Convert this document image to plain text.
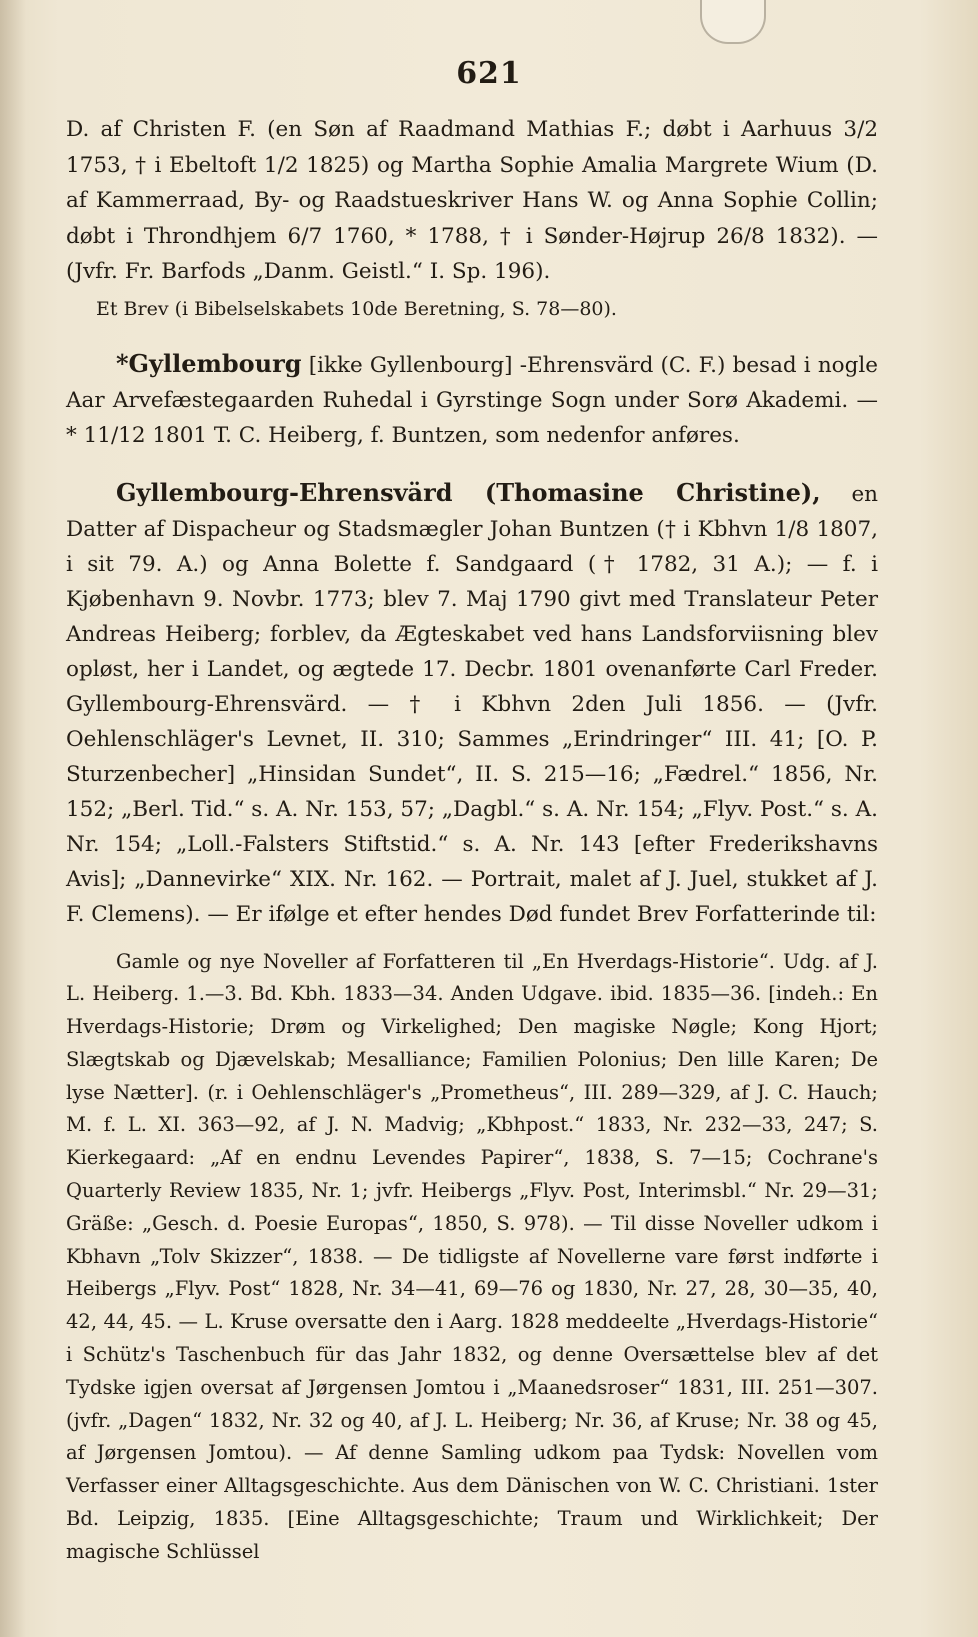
621

D. af Christen F. (en Søn af Raadmand Mathias F.; døbt i Aarhuus 3/2 1753, † i Ebeltoft 1/2 1825) og Martha Sophie Amalia Margrete Wium (D. af Kammerraad, By- og Raadstueskriver Hans W. og Anna Sophie Collin; døbt i Throndhjem 6/7 1760, * 1788, † i Sønder-Højrup 26/8 1832). — (Jvfr. Fr. Barfods „Danm. Geistl.“ I. Sp. 196).

Et Brev (i Bibelselskabets 10de Beretning, S. 78—80).

*Gyllembourg [ikke Gyllenbourg] -Ehrensvärd (C. F.) besad i nogle Aar Arvefæstegaarden Ruhedal i Gyrstinge Sogn under Sorø Akademi. — * 11/12 1801 T. C. Heiberg, f. Buntzen, som nedenfor anføres.

Gyllembourg-Ehrensvärd (Thomasine Christine), en Datter af Dispacheur og Stadsmægler Johan Buntzen († i Kbhvn 1/8 1807, i sit 79. A.) og Anna Bolette f. Sandgaard († 1782, 31 A.); — f. i Kjøbenhavn 9. Novbr. 1773; blev 7. Maj 1790 givt med Translateur Peter Andreas Heiberg; forblev, da Ægteskabet ved hans Landsforviisning blev opløst, her i Landet, og ægtede 17. Decbr. 1801 ovenanførte Carl Freder. Gyllembourg-Ehrensvärd. — † i Kbhvn 2den Juli 1856. — (Jvfr. Oehlenschläger's Levnet, II. 310; Sammes „Erindringer“ III. 41; [O. P. Sturzenbecher] „Hinsidan Sundet“, II. S. 215—16; „Fædrel.“ 1856, Nr. 152; „Berl. Tid.“ s. A. Nr. 153, 57; „Dagbl.“ s. A. Nr. 154; „Flyv. Post.“ s. A. Nr. 154; „Loll.-Falsters Stiftstid.“ s. A. Nr. 143 [efter Frederikshavns Avis]; „Dannevirke“ XIX. Nr. 162. — Portrait, malet af J. Juel, stukket af J. F. Clemens). — Er ifølge et efter hendes Død fundet Brev Forfatterinde til:

Gamle og nye Noveller af Forfatteren til „En Hverdags-Historie“. Udg. af J. L. Heiberg. 1.—3. Bd. Kbh. 1833—34. Anden Udgave. ibid. 1835—36. [indeh.: En Hverdags-Historie; Drøm og Virkelighed; Den magiske Nøgle; Kong Hjort; Slægtskab og Djævelskab; Mesalliance; Familien Polonius; Den lille Karen; De lyse Nætter]. (r. i Oehlenschläger's „Prometheus“, III. 289—329, af J. C. Hauch; M. f. L. XI. 363—92, af J. N. Madvig; „Kbhpost.“ 1833, Nr. 232—33, 247; S. Kierkegaard: „Af en endnu Levendes Papirer“, 1838, S. 7—15; Cochrane's Quarterly Review 1835, Nr. 1; jvfr. Heibergs „Flyv. Post, Interimsbl.“ Nr. 29—31; Gräße: „Gesch. d. Poesie Europas“, 1850, S. 978). — Til disse Noveller udkom i Kbhavn „Tolv Skizzer“, 1838. — De tidligste af Novellerne vare først indførte i Heibergs „Flyv. Post“ 1828, Nr. 34—41, 69—76 og 1830, Nr. 27, 28, 30—35, 40, 42, 44, 45. — L. Kruse oversatte den i Aarg. 1828 meddeelte „Hverdags-Historie“ i Schütz's Taschenbuch für das Jahr 1832, og denne Oversættelse blev af det Tydske igjen oversat af Jørgensen Jomtou i „Maanedsroser“ 1831, III. 251—307. (jvfr. „Dagen“ 1832, Nr. 32 og 40, af J. L. Heiberg; Nr. 36, af Kruse; Nr. 38 og 45, af Jørgensen Jomtou). — Af denne Samling udkom paa Tydsk: Novellen vom Verfasser einer Alltagsgeschichte. Aus dem Dänischen von W. C. Christiani. 1ster Bd. Leipzig, 1835. [Eine Alltagsgeschichte; Traum und Wirklichkeit; Der magische Schlüssel
